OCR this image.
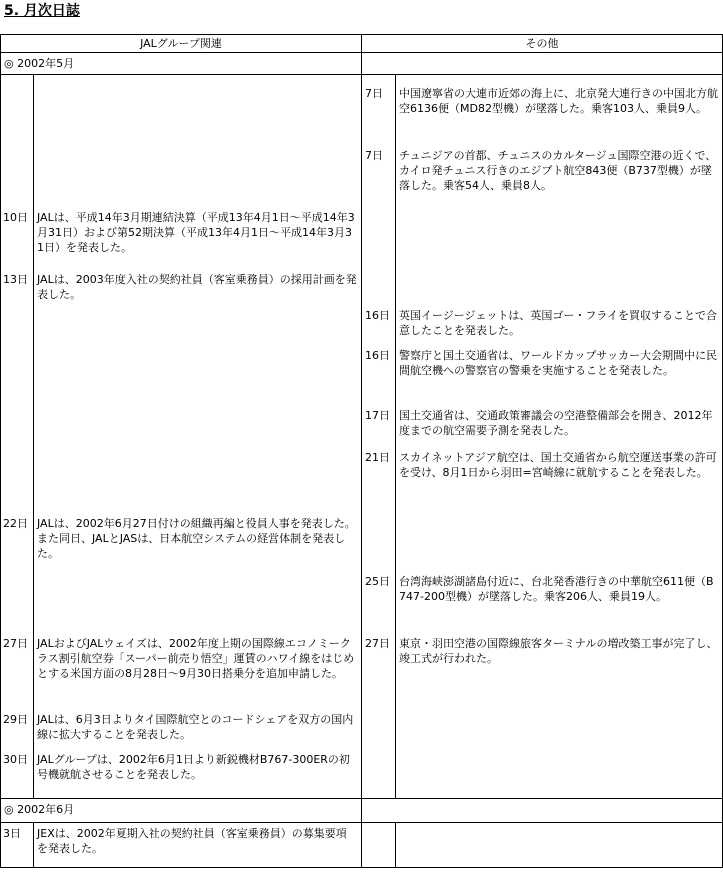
5. 月次日誌
JALグループ関連	その他
◎ 2002年5月
◎ 2002年6月
10日 JALは、平成14年3月期連結決算（平成13年4月1日～平成14年3月31日）および第52期決算（平成13年4月1日～平成14年3月31日）を発表した。
13日 JALは、2003年度入社の契約社員（客室乗務員）の採用計画を発表した。
22日 JALは、2002年6月27日付けの組織再編と役員人事を発表した。また同日、JALとJASは、日本航空システムの経営体制を発表した。
27日 JALおよびJALウェイズは、2002年度上期の国際線エコノミークラス割引航空券「スーパー前売り悟空」運賃のハワイ線をはじめとする米国方面の8月28日～9月30日搭乗分を追加申請した。
29日 JALは、6月3日よりタイ国際航空とのコードシェアを双方の国内線に拡大することを発表した。
30日 JALグループは、2002年6月1日より新鋭機材B767-300ERの初号機就航させることを発表した。
3日 JEXは、2002年夏期入社の契約社員（客室乗務員）の募集要項を発表した。
7日 中国遼寧省の大連市近郊の海上に、北京発大連行きの中国北方航空6136便（MD82型機）が墜落した。乗客103人、乗員9人。
7日 チュニジアの首都、チュニスのカルタージュ国際空港の近くで、カイロ発チュニス行きのエジプト航空843便（B737型機）が墜落した。乗客54人、乗員8人。
16日 英国イージージェットは、英国ゴー・フライを買収することで合意したことを発表した。
16日 警察庁と国土交通省は、ワールドカップサッカー大会期間中に民間航空機への警察官の警乗を実施することを発表した。
17日 国土交通省は、交通政策審議会の空港整備部会を開き、2012年度までの航空需要予測を発表した。
21日 スカイネットアジア航空は、国土交通省から航空運送事業の許可を受け、8月1日から羽田=宮崎線に就航することを発表した。
25日 台湾海峡澎湖諸島付近に、台北発香港行きの中華航空611便（B747-200型機）が墜落した。乗客206人、乗員19人。
27日 東京・羽田空港の国際線旅客ターミナルの増改築工事が完了し、竣工式が行われた。
